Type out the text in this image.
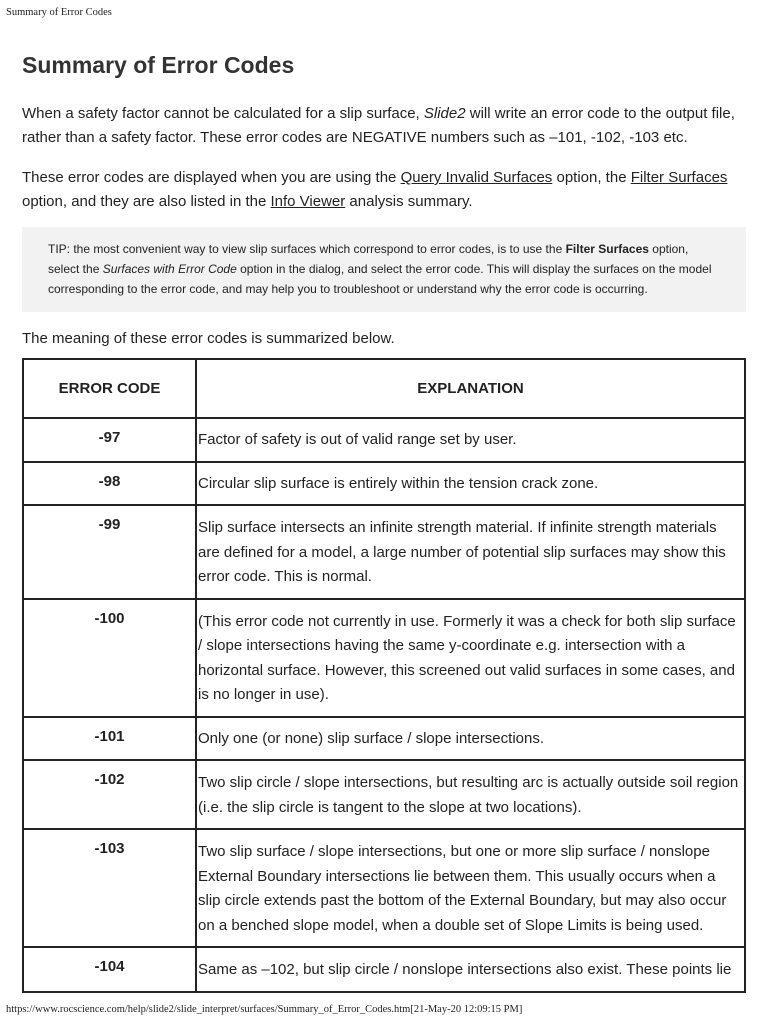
Summary of Error Codes
Summary of Error Codes

When a safety factor cannot be calculated for a slip surface, Slide2 will write an error code to the output file, rather than a safety factor. These error codes are NEGATIVE numbers such as –101, -102, -103 etc.

These error codes are displayed when you are using the Query Invalid Surfaces option, the Filter Surfaces option, and they are also listed in the Info Viewer analysis summary.

TIP: the most convenient way to view slip surfaces which correspond to error codes, is to use the Filter Surfaces option, select the Surfaces with Error Code option in the dialog, and select the error code. This will display the surfaces on the model corresponding to the error code, and may help you to troubleshoot or understand why the error code is occurring.

The meaning of these error codes is summarized below.

ERROR CODE	EXPLANATION
-97	Factor of safety is out of valid range set by user.
-98	Circular slip surface is entirely within the tension crack zone.
-99	Slip surface intersects an infinite strength material. If infinite strength materials are defined for a model, a large number of potential slip surfaces may show this error code. This is normal.
-100	(This error code not currently in use. Formerly it was a check for both slip surface / slope intersections having the same y-coordinate e.g. intersection with a horizontal surface. However, this screened out valid surfaces in some cases, and is no longer in use).
-101	Only one (or none) slip surface / slope intersections.
-102	Two slip circle / slope intersections, but resulting arc is actually outside soil region (i.e. the slip circle is tangent to the slope at two locations).
-103	Two slip surface / slope intersections, but one or more slip surface / nonslope External Boundary intersections lie between them. This usually occurs when a slip circle extends past the bottom of the External Boundary, but may also occur on a benched slope model, when a double set of Slope Limits is being used.
-104	Same as –102, but slip circle / nonslope intersections also exist. These points lie
https://www.rocscience.com/help/slide2/slide_interpret/surfaces/Summary_of_Error_Codes.htm[21-May-20 12:09:15 PM]
